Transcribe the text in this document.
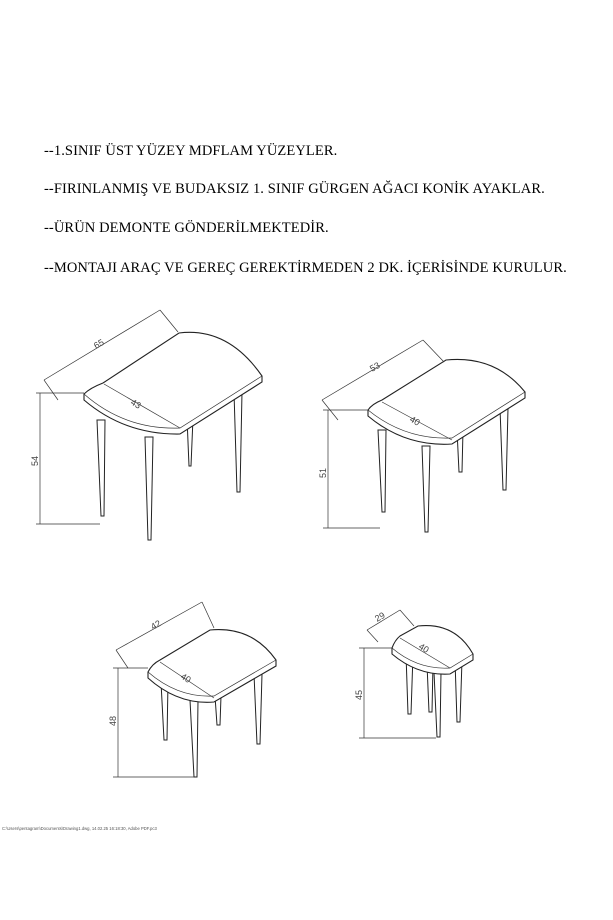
--1.SINIF ÜST YÜZEY MDFLAM YÜZEYLER.
--FIRINLANMIŞ VE BUDAKSIZ 1. SINIF GÜRGEN AĞACI KONİK AYAKLAR.
--ÜRÜN DEMONTE GÖNDERİLMEKTEDİR.
--MONTAJI ARAÇ VE GEREÇ GEREKTİRMEDEN 2 DK. İÇERİSİNDE KURULUR.
65
43
54
53
40
51
42
40
48
29
40
45
C:\Users\pentagram\Documents\Drawing1.dwg, 14.02.25 16:18:30, Adobe PDF.pc3
